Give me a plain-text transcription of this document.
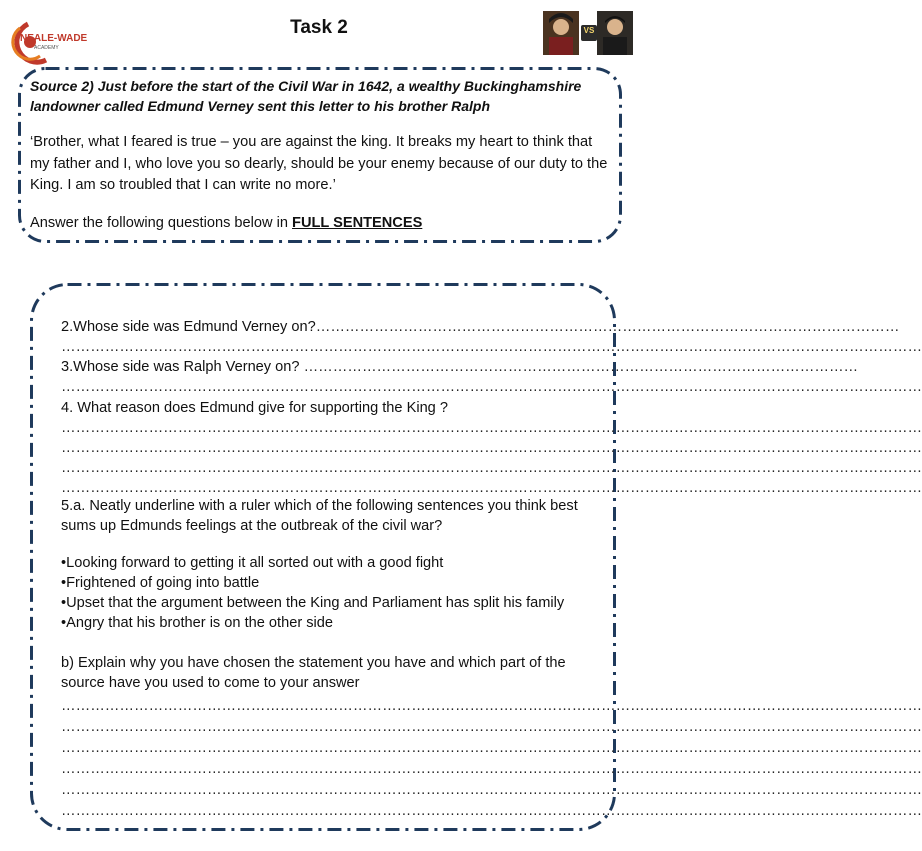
NEALE-WADE
ACADEMY
Task 2	VS
Source 2) Just before the start of the Civil War in 1642, a wealthy Buckinghamshire landowner called Edmund Verney sent this letter to his brother Ralph
‘Brother, what I feared is true – you are against the king. It breaks my heart to think that my father and I, who love you so dearly, should be your enemy because of our duty to the King. I am so troubled that I can write no more.’
Answer the following questions below in FULL SENTENCES
2.Whose side was Edmund Verney on?…………………………………………………………………………………………………………
……………………………………………………………………………………………………………………………………………………………
3.Whose side was Ralph Verney on? ……………………………………………………………………………………………………
……………………………………………………………………………………………………………………………………………………………
4. What reason does Edmund give for supporting the King ?
……………………………………………………………………………………………………………………………………………………………
……………………………………………………………………………………………………………………………………………………………
……………………………………………………………………………………………………………………………………………………………
……………………………………………………………………………………………………………………………………………………………
5.a. Neatly underline with a ruler which of the following sentences you think best sums up Edmunds feelings at the outbreak of the civil war?
•Looking forward to getting it all sorted out with a good fight
•Frightened of going into battle
•Upset that the argument between the King and Parliament has split his family
•Angry that his brother is on the other side
b) Explain why you have chosen the statement you have and which part of the source have you used to come to your answer
……………………………………………………………………………………………………………………………………………………………
……………………………………………………………………………………………………………………………………………………………
……………………………………………………………………………………………………………………………………………………………
……………………………………………………………………………………………………………………………………………………………
……………………………………………………………………………………………………………………………………………………………
……………………………………………………………………………………………………………………………………………………………
